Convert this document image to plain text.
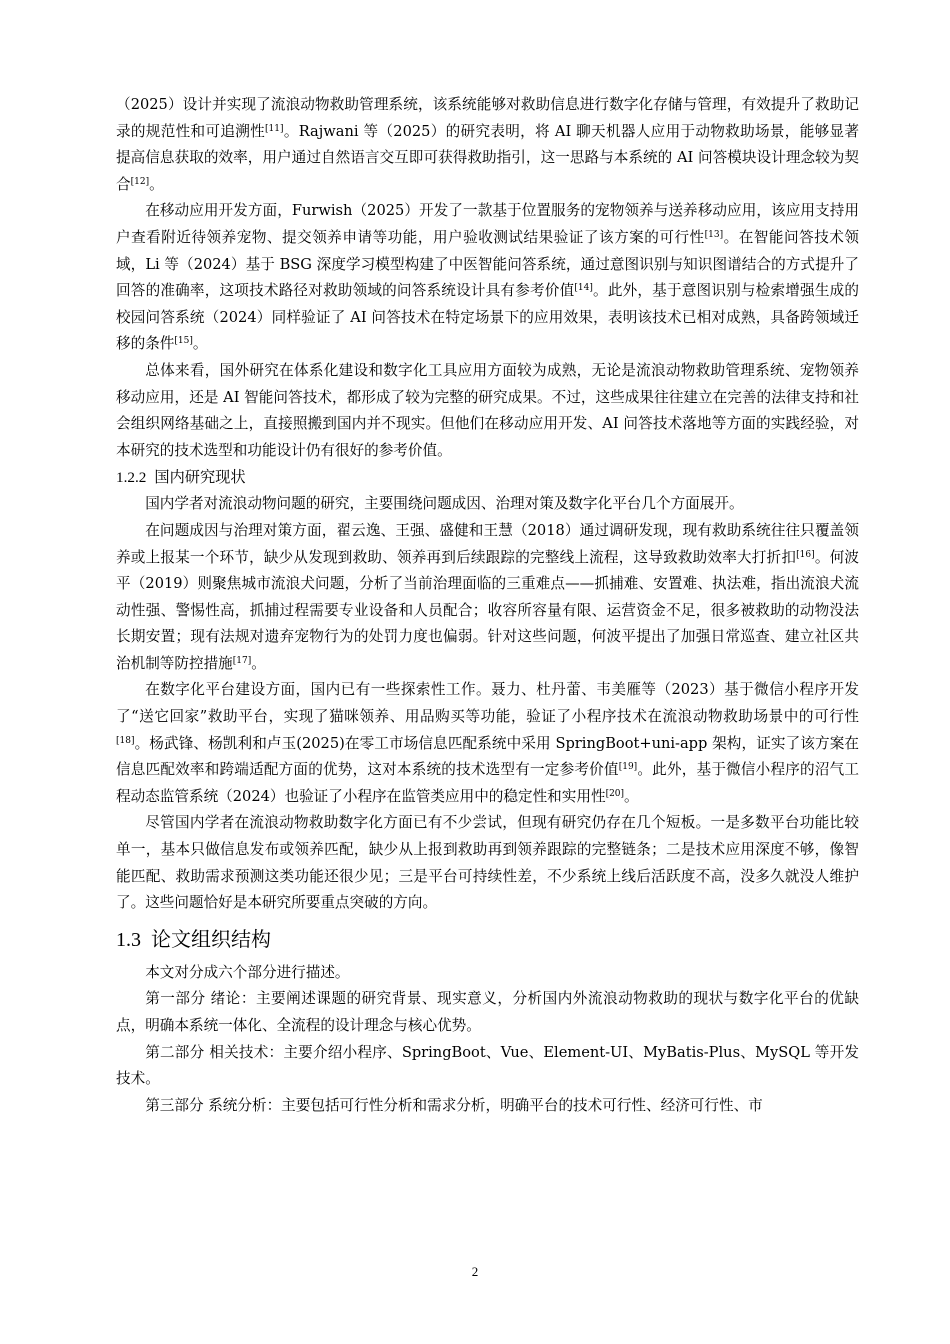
（2025）设计并实现了流浪动物救助管理系统，该系统能够对救助信息进行数字化存储与管理，有效提升了救助记录的规范性和可追溯性[11]。Rajwani 等（2025）的研究表明，将 AI 聊天机器人应用于动物救助场景，能够显著提高信息获取的效率，用户通过自然语言交互即可获得救助指引，这一思路与本系统的 AI 问答模块设计理念较为契合[12]。

在移动应用开发方面，Furwish（2025）开发了一款基于位置服务的宠物领养与送养移动应用，该应用支持用户查看附近待领养宠物、提交领养申请等功能，用户验收测试结果验证了该方案的可行性[13]。在智能问答技术领域，Li 等（2024）基于 BSG 深度学习模型构建了中医智能问答系统，通过意图识别与知识图谱结合的方式提升了回答的准确率，这项技术路径对救助领域的问答系统设计具有参考价值[14]。此外，基于意图识别与检索增强生成的校园问答系统（2024）同样验证了 AI 问答技术在特定场景下的应用效果，表明该技术已相对成熟，具备跨领域迁移的条件[15]。

总体来看，国外研究在体系化建设和数字化工具应用方面较为成熟，无论是流浪动物救助管理系统、宠物领养移动应用，还是 AI 智能问答技术，都形成了较为完整的研究成果。不过，这些成果往往建立在完善的法律支持和社会组织网络基础之上，直接照搬到国内并不现实。但他们在移动应用开发、AI 问答技术落地等方面的实践经验，对本研究的技术选型和功能设计仍有很好的参考价值。

1.2.2 国内研究现状

国内学者对流浪动物问题的研究，主要围绕问题成因、治理对策及数字化平台几个方面展开。

在问题成因与治理对策方面，翟云逸、王强、盛健和王慧（2018）通过调研发现，现有救助系统往往只覆盖领养或上报某一个环节，缺少从发现到救助、领养再到后续跟踪的完整线上流程，这导致救助效率大打折扣[16]。何波平（2019）则聚焦城市流浪犬问题，分析了当前治理面临的三重难点——抓捕难、安置难、执法难，指出流浪犬流动性强、警惕性高，抓捕过程需要专业设备和人员配合；收容所容量有限、运营资金不足，很多被救助的动物没法长期安置；现有法规对遗弃宠物行为的处罚力度也偏弱。针对这些问题，何波平提出了加强日常巡查、建立社区共治机制等防控措施[17]。

在数字化平台建设方面，国内已有一些探索性工作。聂力、杜丹蕾、韦美雁等（2023）基于微信小程序开发了“送它回家”救助平台，实现了猫咪领养、用品购买等功能，验证了小程序技术在流浪动物救助场景中的可行性[18]。杨武锋、杨凯利和卢玉(2025)在零工市场信息匹配系统中采用 SpringBoot+uni-app 架构，证实了该方案在信息匹配效率和跨端适配方面的优势，这对本系统的技术选型有一定参考价值[19]。此外，基于微信小程序的沼气工程动态监管系统（2024）也验证了小程序在监管类应用中的稳定性和实用性[20]。

尽管国内学者在流浪动物救助数字化方面已有不少尝试，但现有研究仍存在几个短板。一是多数平台功能比较单一，基本只做信息发布或领养匹配，缺少从上报到救助再到领养跟踪的完整链条；二是技术应用深度不够，像智能匹配、救助需求预测这类功能还很少见；三是平台可持续性差，不少系统上线后活跃度不高，没多久就没人维护了。这些问题恰好是本研究所要重点突破的方向。

1.3 论文组织结构

本文对分成六个部分进行描述。

第一部分 绪论：主要阐述课题的研究背景、现实意义，分析国内外流浪动物救助的现状与数字化平台的优缺点，明确本系统一体化、全流程的设计理念与核心优势。

第二部分 相关技术：主要介绍小程序、SpringBoot、Vue、Element-UI、MyBatis-Plus、MySQL 等开发技术。

第三部分 系统分析：主要包括可行性分析和需求分析，明确平台的技术可行性、经济可行性、市

2
